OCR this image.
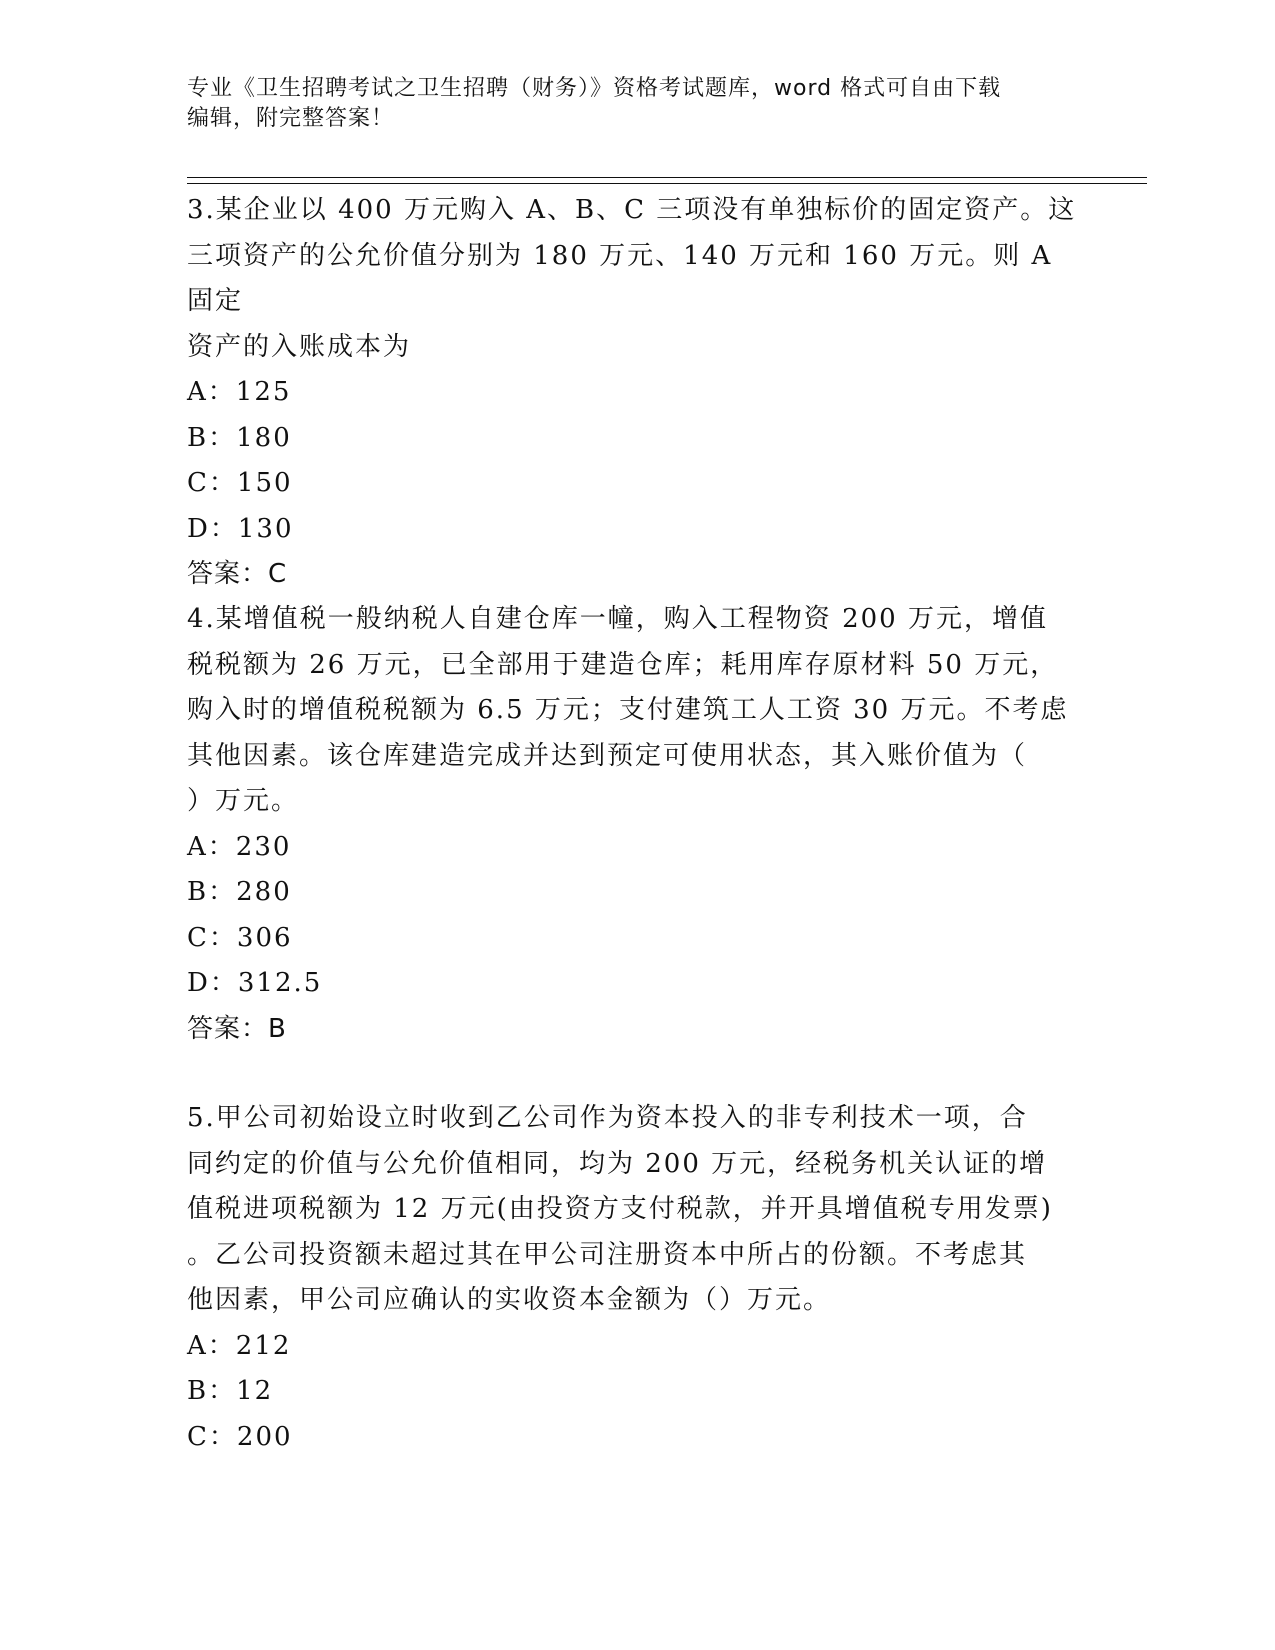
专业《卫生招聘考试之卫生招聘（财务）》资格考试题库，word 格式可自由下载
编辑，附完整答案！

3.某企业以 400 万元购入 A、B、C 三项没有单独标价的固定资产。这

三项资产的公允价值分别为 180 万元、140 万元和 160 万元。则 A 固定

资产的入账成本为

A：125

B：180

C：150

D：130

答案：C

4.某增值税一般纳税人自建仓库一幢，购入工程物资 200 万元，增值

税税额为 26 万元，已全部用于建造仓库；耗用库存原材料 50 万元，

购入时的增值税税额为 6.5 万元；支付建筑工人工资 30 万元。不考虑

其他因素。该仓库建造完成并达到预定可使用状态，其入账价值为（

）万元。

A：230

B：280

C：306

D：312.5

答案：B

5.甲公司初始设立时收到乙公司作为资本投入的非专利技术一项，合

同约定的价值与公允价值相同，均为 200 万元，经税务机关认证的增

值税进项税额为 12 万元(由投资方支付税款，并开具增值税专用发票)

。乙公司投资额未超过其在甲公司注册资本中所占的份额。不考虑其

他因素，甲公司应确认的实收资本金额为（）万元。

A：212

B：12

C：200
